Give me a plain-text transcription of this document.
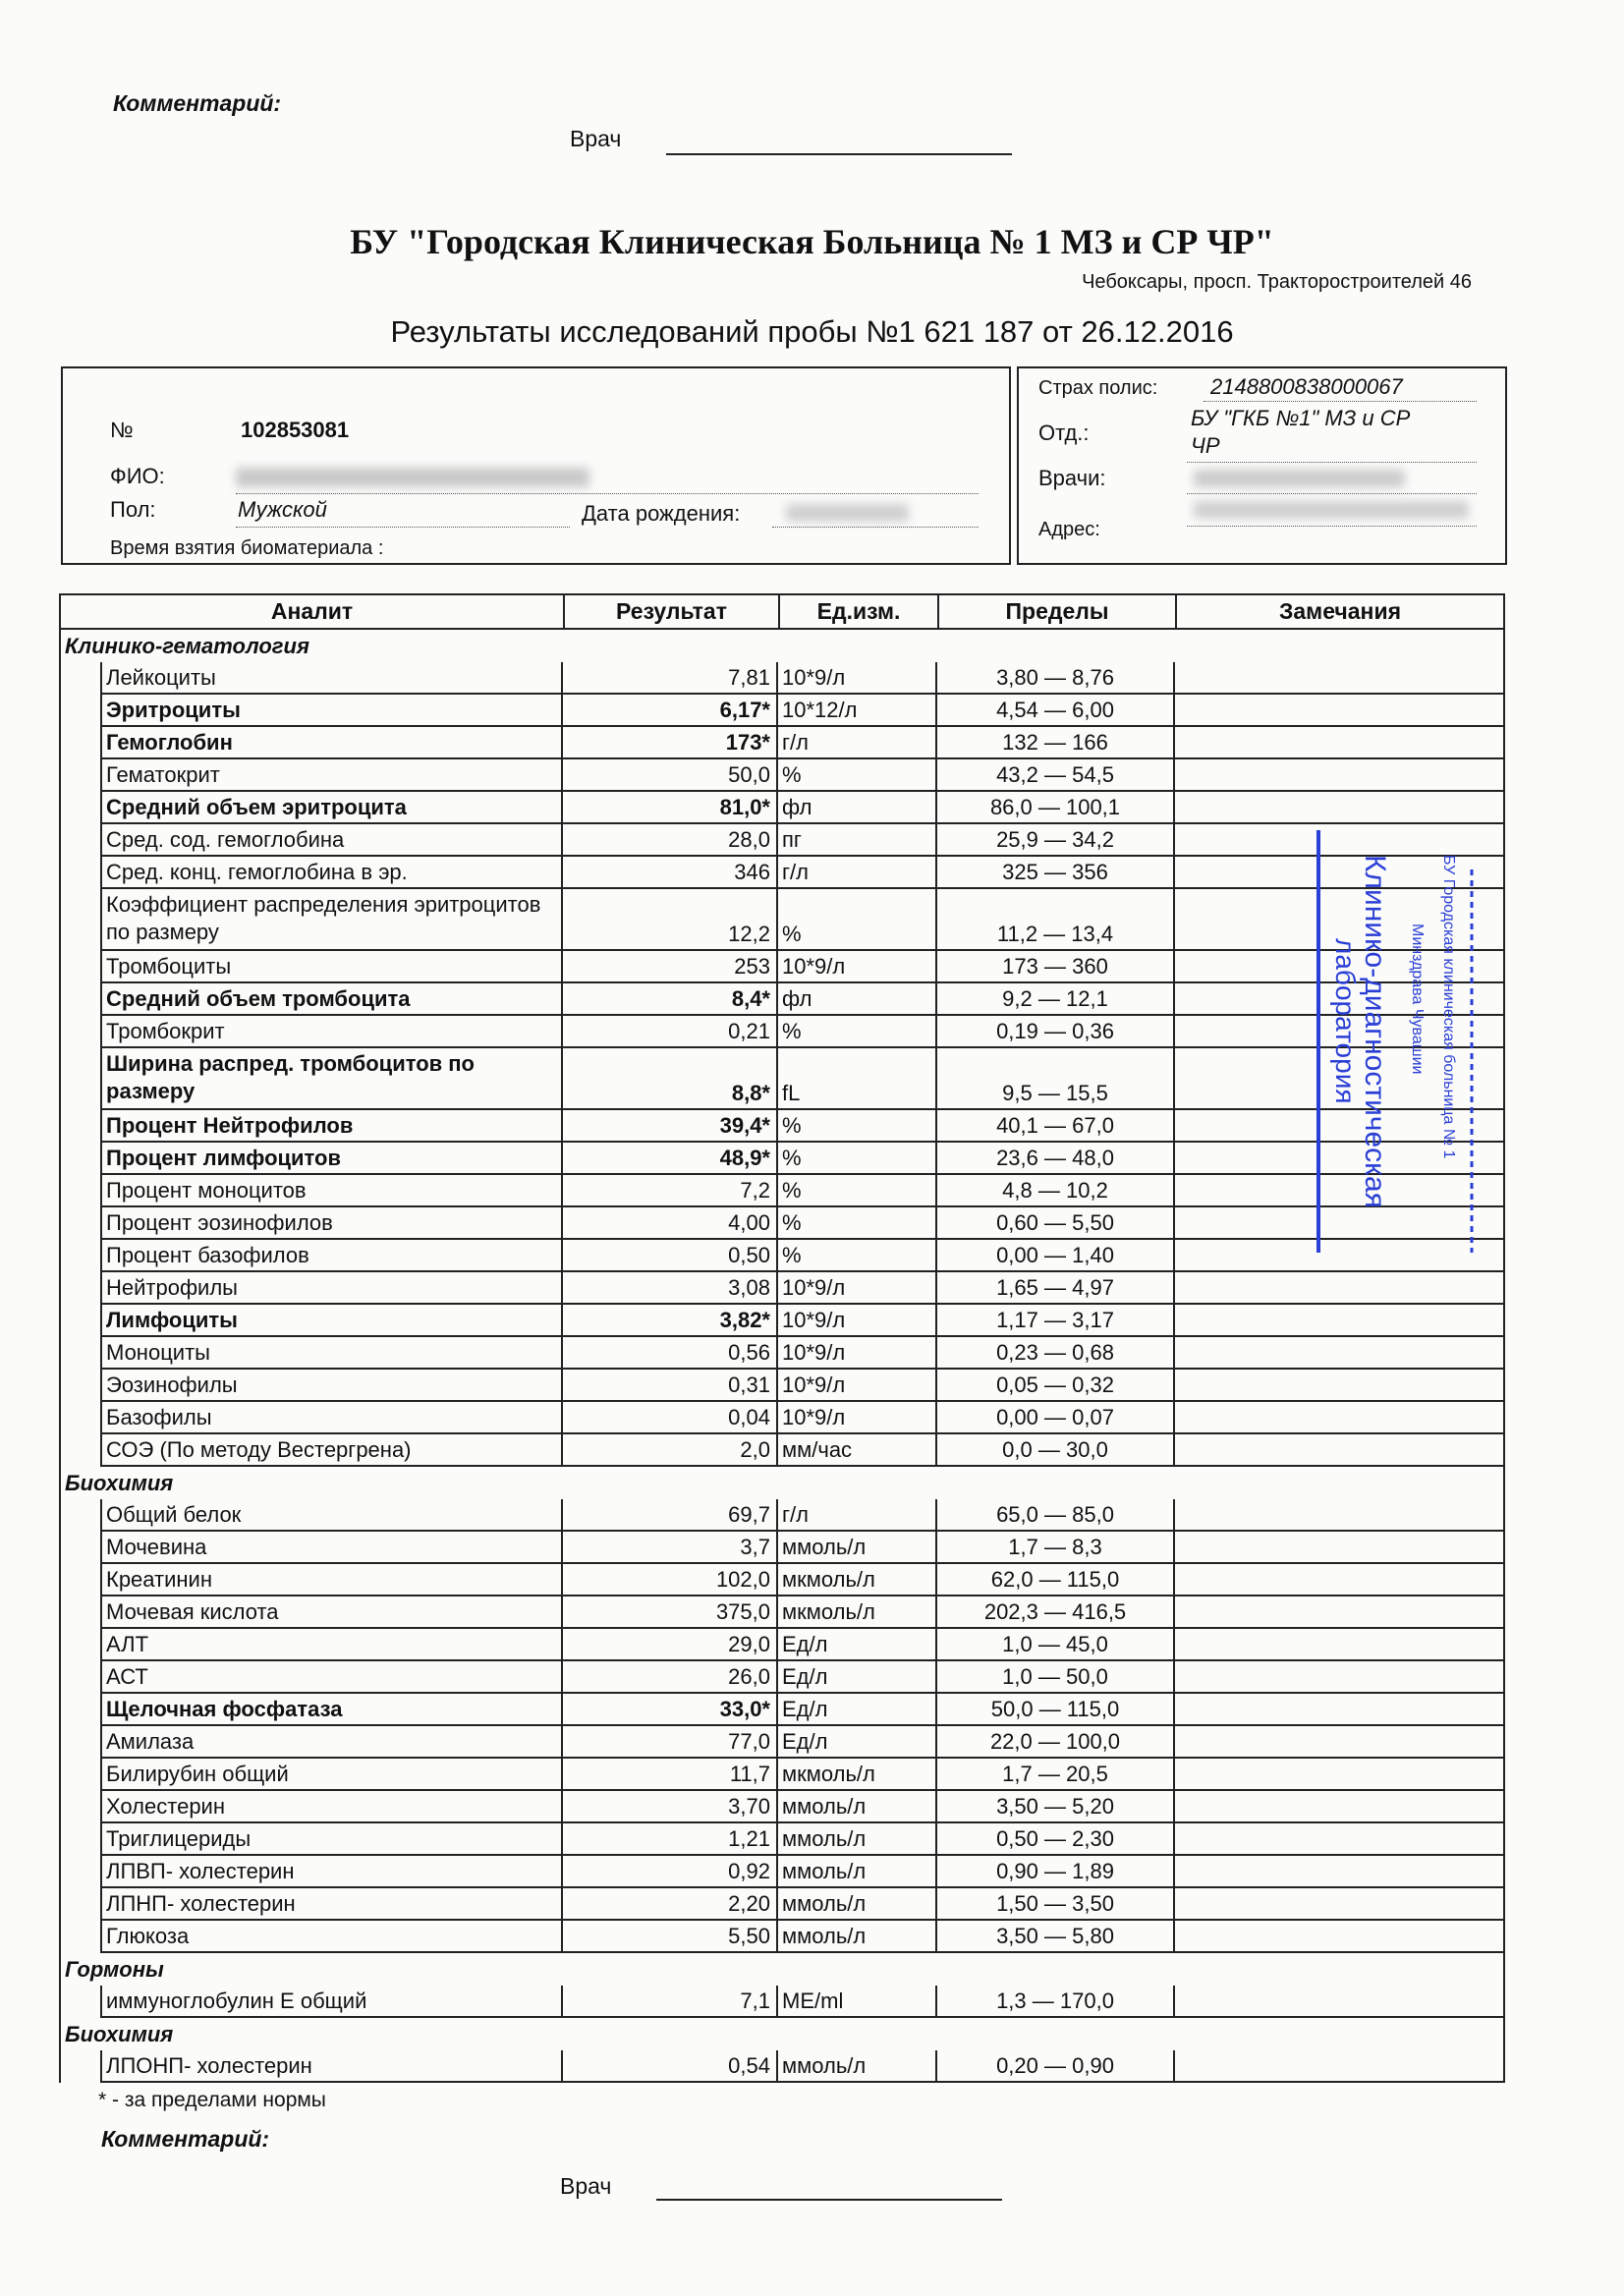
Комментарий:
Врач
БУ "Городская Клиническая Больница № 1 МЗ и СР ЧР"
Чебоксары, просп. Тракторостроителей 46
Результаты исследований пробы №1 621 187 от 26.12.2016
№	102853081
ФИО:
Пол:	Мужской	Дата рождения:
Время взятия биоматериала :
Страх полис: 2148800838000067
Отд.:
БУ "ГКБ №1" МЗ и СР
ЧР
Врачи:
Адрес:
Аналит	Результат	Ед.изм.	Пределы	Замечания
Клинико-гематология
Лейкоциты	7,81 10*9/л	3,80 — 8,76
Эритроциты	6,17* 10*12/л	4,54 — 6,00
Гемоглобин	173* г/л	132 — 166
Гематокрит	50,0 %	43,2 — 54,5
Средний объем эритроцита	81,0* фл	86,0 — 100,1
Сред. сод. гемоглобина	28,0 пг	25,9 — 34,2
Сред. конц. гемоглобина в эр.	346 г/л	325 — 356
Коэффициент распределения эритроцитов по размеру	12,2 %	11,2 — 13,4
Тромбоциты	253 10*9/л	173 — 360
Средний объем тромбоцита	8,4* фл	9,2 — 12,1
Тромбокрит	0,21 %	0,19 — 0,36
Ширина распред. тромбоцитов по размеру	8,8* fL	9,5 — 15,5
Процент Нейтрофилов	39,4* %	40,1 — 67,0
Процент лимфоцитов	48,9* %	23,6 — 48,0
Процент моноцитов	7,2 %	4,8 — 10,2
Процент эозинофилов	4,00 %	0,60 — 5,50
Процент базофилов	0,50 %	0,00 — 1,40
Нейтрофилы	3,08 10*9/л	1,65 — 4,97
Лимфоциты	3,82* 10*9/л	1,17 — 3,17
Моноциты	0,56 10*9/л	0,23 — 0,68
Эозинофилы	0,31 10*9/л	0,05 — 0,32
Базофилы	0,04 10*9/л	0,00 — 0,07
СОЭ (По методу Вестергрена)	2,0 мм/час	0,0 — 30,0
Биохимия
Общий белок	69,7 г/л	65,0 — 85,0
Мочевина	3,7 ммоль/л	1,7 — 8,3
Креатинин	102,0 мкмоль/л	62,0 — 115,0
Мочевая кислота	375,0 мкмоль/л	202,3 — 416,5
АЛТ	29,0 Ед/л	1,0 — 45,0
АСТ	26,0 Ед/л	1,0 — 50,0
Щелочная фосфатаза	33,0* Ед/л	50,0 — 115,0
Амилаза	77,0 Ед/л	22,0 — 100,0
Билирубин общий	11,7 мкмоль/л	1,7 — 20,5
Холестерин	3,70 ммоль/л	3,50 — 5,20
Триглицериды	1,21 ммоль/л	0,50 — 2,30
ЛПВП- холестерин	0,92 ммоль/л	0,90 — 1,89
ЛПНП- холестерин	2,20 ммоль/л	1,50 — 3,50
Глюкоза	5,50 ммоль/л	3,50 — 5,80
Гормоны
иммуноглобулин Е общий	7,1 ME/ml	1,3 — 170,0
Биохимия
ЛПОНП- холестерин	0,54 ммоль/л	0,20 — 0,90
* - за пределами нормы
Комментарий:
Врач
Клинико-диагностическая
лаборатория	Минздрава Чувашии БУ Городская клиническая больница № 1
